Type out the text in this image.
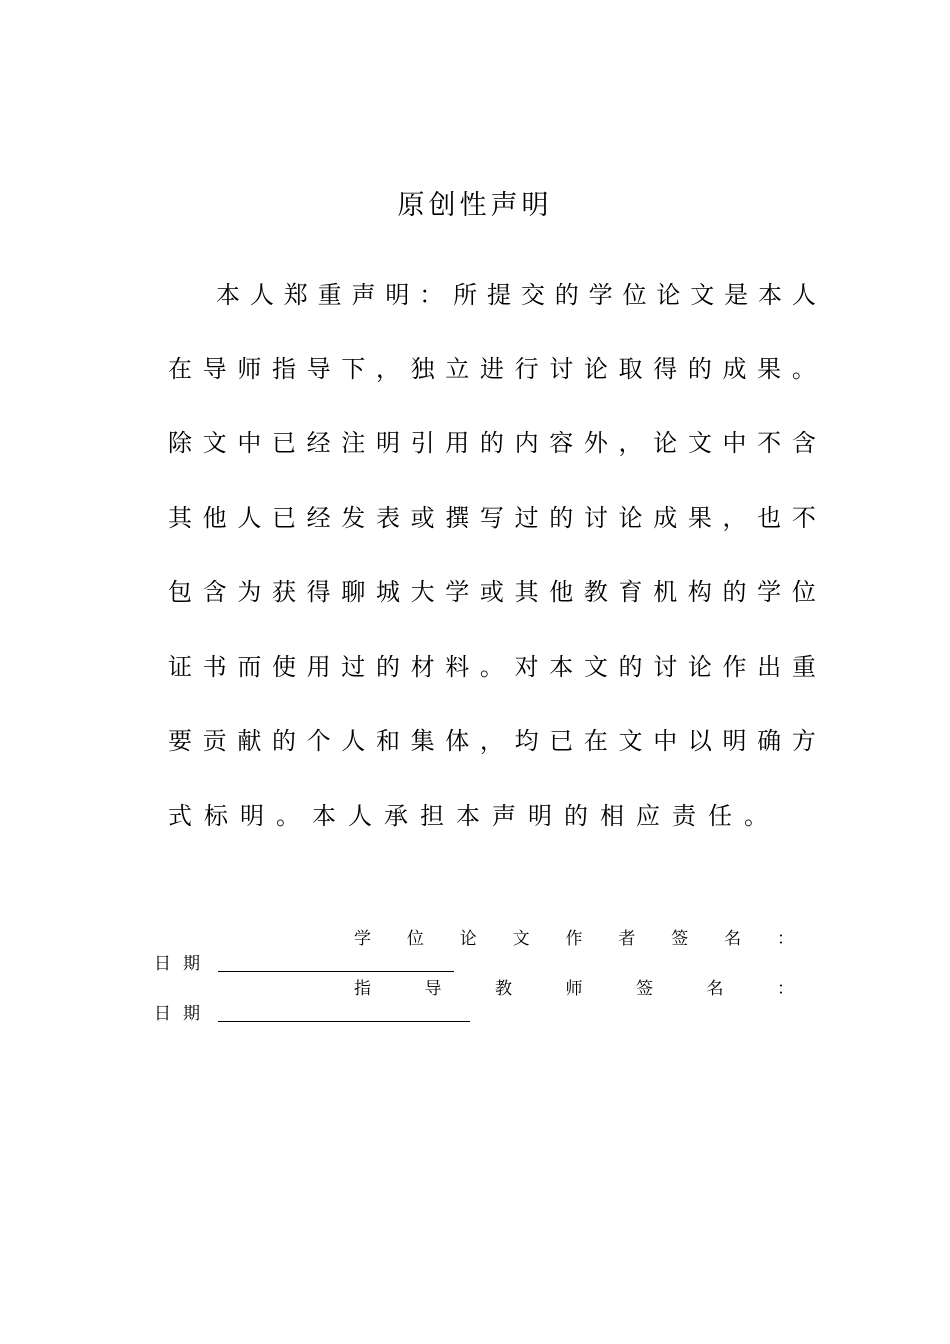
原创性声明

本 人 郑 重 声 明 ： 所 提 交 的 学 位 论 文 是 本 人

在 导 师 指 导 下 ， 独 立 进 行 讨 论 取 得 的 成 果 。

除 文 中 已 经 注 明 引 用 的 内 容 外 ， 论 文 中 不 含

其 他 人 已 经 发 表 或 撰 写 过 的 讨 论 成 果 ， 也 不

包 含 为 获 得 聊 城 大 学 或 其 他 教 育 机 构 的 学 位

证 书 而 使 用 过 的 材 料 。 对 本 文 的 讨 论 作 出 重

要 贡 献 的 个 人 和 集 体 ， 均 已 在 文 中 以 明 确 方

式 标 明 。 本 人 承 担 本 声 明 的 相 应 责 任 。

学 位 论 文 作 者 签 名 ：
日期
指	导	教	师	签	名	：
日期
